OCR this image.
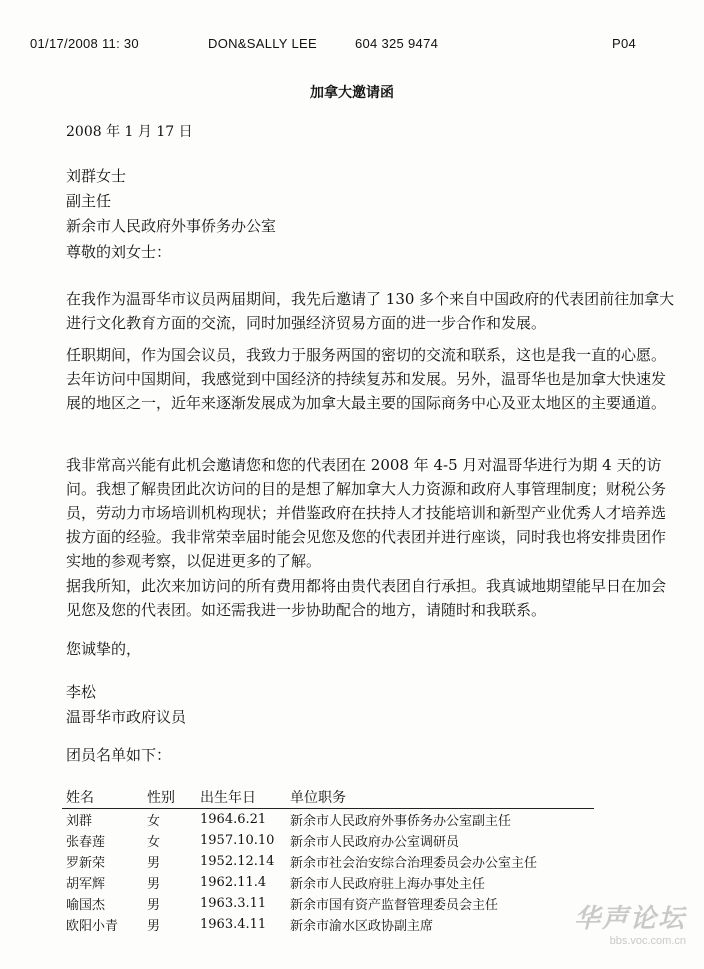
01/17/2008 11: 30	DON&SALLY LEE	604 325 9474	P04
加拿大邀请函
2008 年 1 月 17 日
刘群女士
副主任
新余市人民政府外事侨务办公室
尊敬的刘女士：
在我作为温哥华市议员两届期间，我先后邀请了 130 多个来自中国政府的代表团前往加拿大进行文化教育方面的交流，同时加强经济贸易方面的进一步合作和发展。
任职期间，作为国会议员，我致力于服务两国的密切的交流和联系，这也是我一直的心愿。去年访问中国期间，我感觉到中国经济的持续复苏和发展。另外，温哥华也是加拿大快速发展的地区之一，近年来逐渐发展成为加拿大最主要的国际商务中心及亚太地区的主要通道。
我非常高兴能有此机会邀请您和您的代表团在 2008 年 4-5 月对温哥华进行为期 4 天的访问。我想了解贵团此次访问的目的是想了解加拿大人力资源和政府人事管理制度；财税公务员，劳动力市场培训机构现状；并借鉴政府在扶持人才技能培训和新型产业优秀人才培养选拔方面的经验。我非常荣幸届时能会见您及您的代表团并进行座谈，同时我也将安排贵团作实地的参观考察，以促进更多的了解。
据我所知，此次来加访问的所有费用都将由贵代表团自行承担。我真诚地期望能早日在加会见您及您的代表团。如还需我进一步协助配合的地方，请随时和我联系。
您诚挚的，
李松
温哥华市政府议员
团员名单如下：
姓名	性别	出生年日	单位职务
刘群	女	1964.6.21	新余市人民政府外事侨务办公室副主任
张春莲	女	1957.10.10	新余市人民政府办公室调研员
罗新荣	男	1952.12.14	新余市社会治安综合治理委员会办公室主任
胡军辉	男	1962.11.4	新余市人民政府驻上海办事处主任
喻国杰	男	1963.3.11	新余市国有资产监督管理委员会主任
欧阳小青	男	1963.4.11	新余市渝水区政协副主席	华声论坛
bbs.voc.com.cn
